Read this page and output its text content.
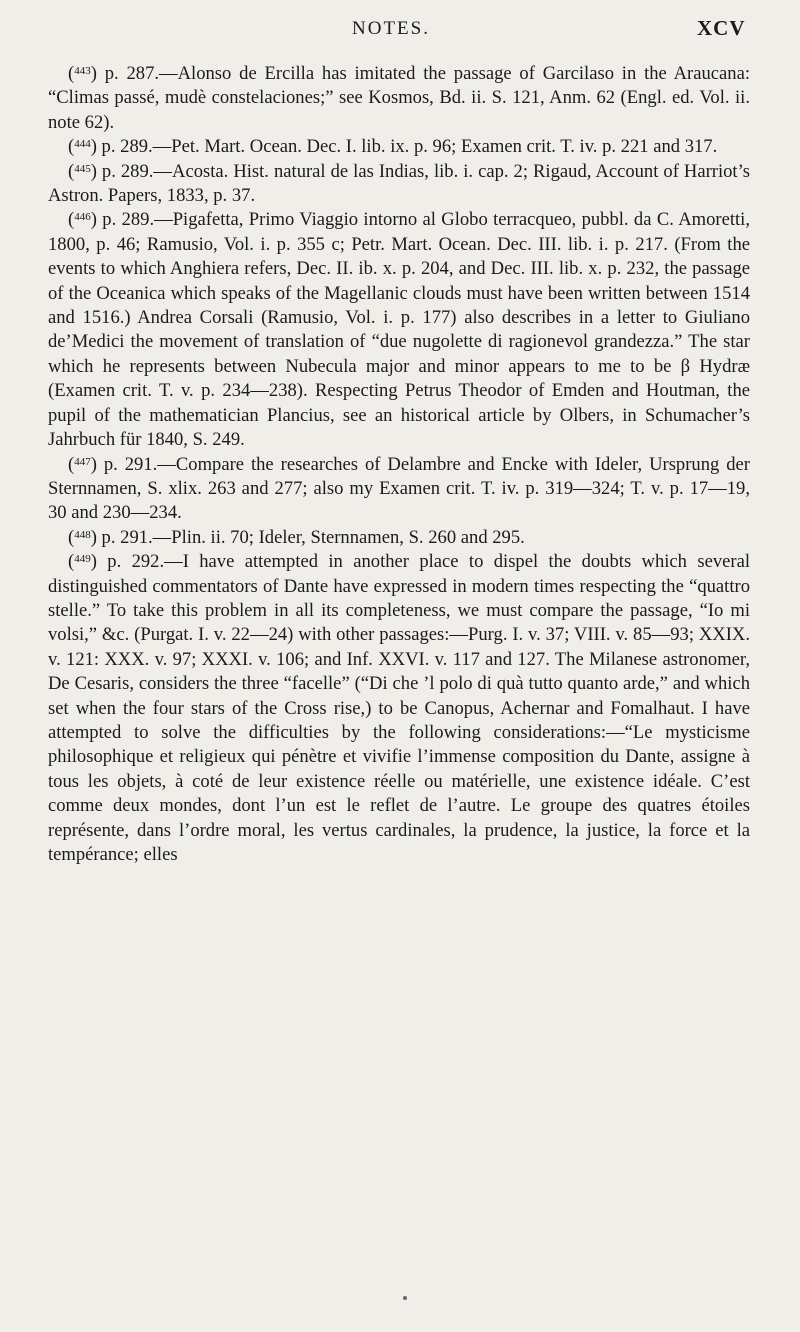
NOTES.	XCV

($^{443}$) p. 287.—Alonso de Ercilla has imitated the passage of Garcilaso in the Araucana: “Climas passé, mudè constelaciones;” see Kosmos, Bd. ii. S. 121, Anm. 62 (Engl. ed. Vol. ii. note 62).

($^{444}$) p. 289.—Pet. Mart. Ocean. Dec. I. lib. ix. p. 96; Examen crit. T. iv. p. 221 and 317.

($^{445}$) p. 289.—Acosta. Hist. natural de las Indias, lib. i. cap. 2; Rigaud, Account of Harriot’s Astron. Papers, 1833, p. 37.

($^{446}$) p. 289.—Pigafetta, Primo Viaggio intorno al Globo terracqueo, pubbl. da C. Amoretti, 1800, p. 46; Ramusio, Vol. i. p. 355 c; Petr. Mart. Ocean. Dec. III. lib. i. p. 217. (From the events to which Anghiera refers, Dec. II. ib. x. p. 204, and Dec. III. lib. x. p. 232, the passage of the Oceanica which speaks of the Magellanic clouds must have been written between 1514 and 1516.) Andrea Corsali (Ramusio, Vol. i. p. 177) also describes in a letter to Giuliano de’Medici the movement of translation of “due nugolette di ragionevol grandezza.” The star which he represents between Nubecula major and minor appears to me to be β Hydræ (Examen crit. T. v. p. 234—238). Respecting Petrus Theodor of Emden and Houtman, the pupil of the mathematician Plancius, see an historical article by Olbers, in Schumacher’s Jahrbuch für 1840, S. 249.

($^{447}$) p. 291.—Compare the researches of Delambre and Encke with Ideler, Ursprung der Sternnamen, S. xlix. 263 and 277; also my Examen crit. T. iv. p. 319—324; T. v. p. 17—19, 30 and 230—234.

($^{448}$) p. 291.—Plin. ii. 70; Ideler, Sternnamen, S. 260 and 295.

($^{449}$) p. 292.—I have attempted in another place to dispel the doubts which several distinguished commentators of Dante have expressed in modern times respecting the “quattro stelle.” To take this problem in all its completeness, we must compare the passage, “Io mi volsi,” &c. (Purgat. I. v. 22—24) with other passages:—Purg. I. v. 37; VIII. v. 85—93; XXIX. v. 121: XXX. v. 97; XXXI. v. 106; and Inf. XXVI. v. 117 and 127. The Milanese astronomer, De Cesaris, considers the three “facelle” (“Di che ’l polo di quà tutto quanto arde,” and which set when the four stars of the Cross rise,) to be Canopus, Achernar and Fomalhaut. I have attempted to solve the difficulties by the following considerations:—“Le mysticisme philosophique et religieux qui pénètre et vivifie l’immense composition du Dante, assigne à tous les objets, à coté de leur existence réelle ou matérielle, une existence idéale. C’est comme deux mondes, dont l’un est le reflet de l’autre. Le groupe des quatres étoiles représente, dans l’ordre moral, les vertus cardinales, la prudence, la justice, la force et la tempérance; elles
